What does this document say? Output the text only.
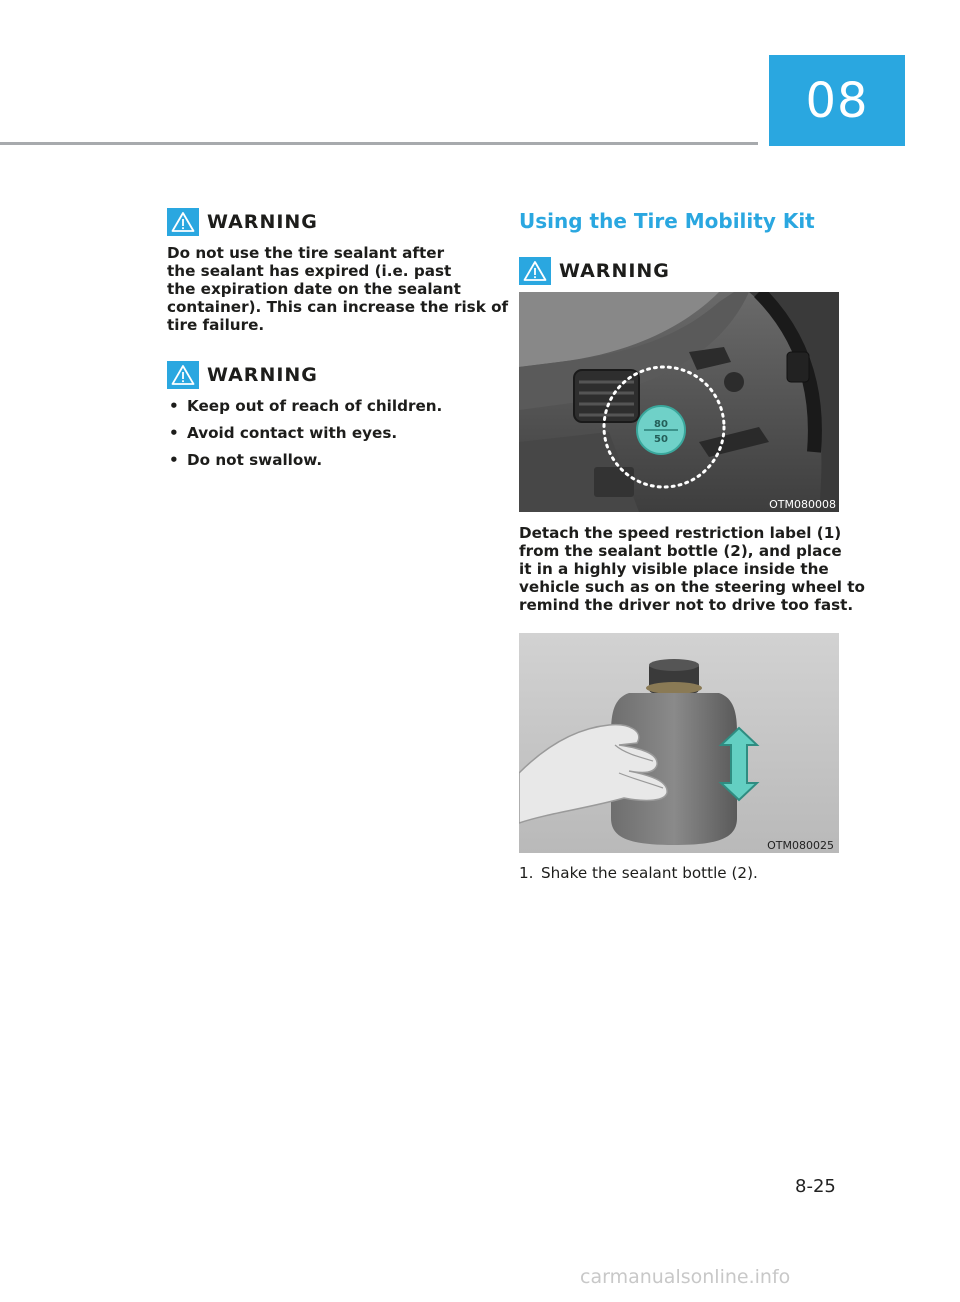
08
WARNING
Do not use the tire sealant after
the sealant has expired (i.e. past
the expiration date on the sealant
container). This can increase the risk of
tire failure.
WARNING
• Keep out of reach of children.
• Avoid contact with eyes.
• Do not swallow.
Using the Tire Mobility Kit
WARNING
80
50
OTM080008
Detach the speed restriction label (1)
from the sealant bottle (2), and place
it in a highly visible place inside the
vehicle such as on the steering wheel to
remind the driver not to drive too fast.
OTM080025
1. Shake the sealant bottle (2).
8-25
carmanualsonline.info
